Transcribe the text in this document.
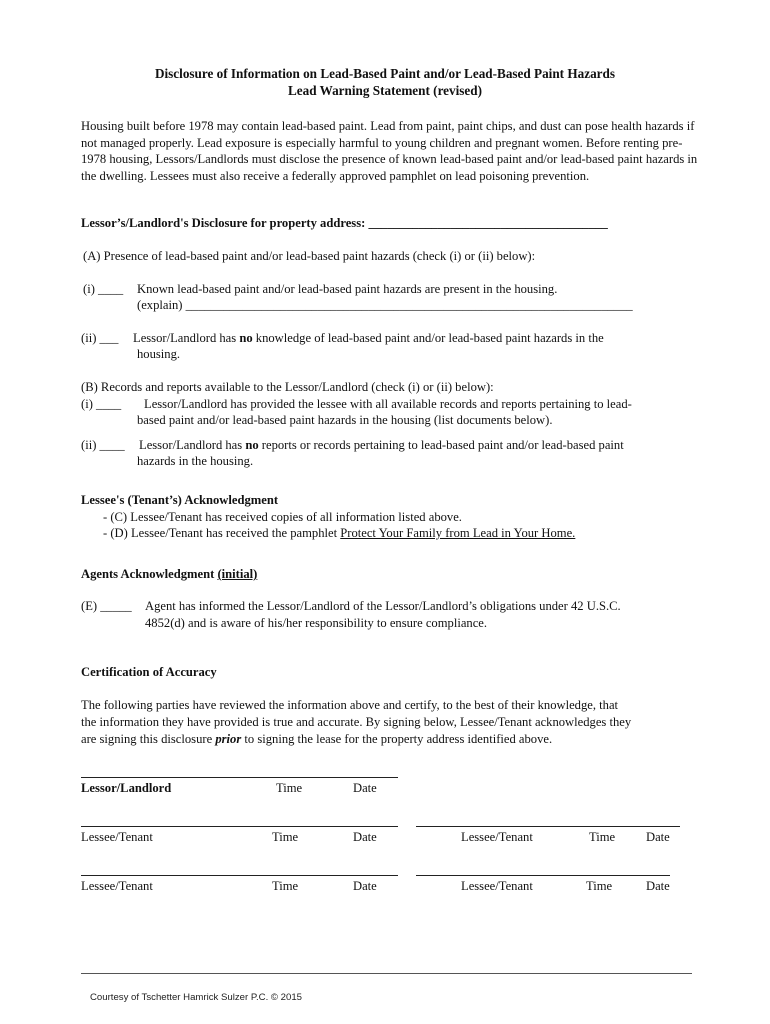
Disclosure of Information on Lead-Based Paint and/or Lead-Based Paint Hazards
Lead Warning Statement (revised)
Housing built before 1978 may contain lead-based paint. Lead from paint, paint chips, and dust can pose health hazards if not managed properly. Lead exposure is especially harmful to young children and pregnant women. Before renting pre-1978 housing, Lessors/Landlords must disclose the presence of known lead-based paint and/or lead-based paint hazards in the dwelling. Lessees must also receive a federally approved pamphlet on lead poisoning prevention.
Lessor’s/Landlord's Disclosure for property address: ______________________________________
(A) Presence of lead-based paint and/or lead-based paint hazards (check (i) or (ii) below):
(i) ____ Known lead-based paint and/or lead-based paint hazards are present in the housing.
(explain) _______________________________________________________________________
(ii) ___ Lessor/Landlord has no knowledge of lead-based paint and/or lead-based paint hazards in the
housing.
(B) Records and reports available to the Lessor/Landlord (check (i) or (ii) below):
(i) ____ Lessor/Landlord has provided the lessee with all available records and reports pertaining to lead-
based paint and/or lead-based paint hazards in the housing (list documents below).
(ii) ____ Lessor/Landlord has no reports or records pertaining to lead-based paint and/or lead-based paint
hazards in the housing.
Lessee's (Tenant’s) Acknowledgment
- (C) Lessee/Tenant has received copies of all information listed above.
- (D) Lessee/Tenant has received the pamphlet Protect Your Family from Lead in Your Home.
Agents Acknowledgment (initial)
(E) _____ Agent has informed the Lessor/Landlord of the Lessor/Landlord’s obligations under 42 U.S.C.
4852(d) and is aware of his/her responsibility to ensure compliance.
Certification of Accuracy
The following parties have reviewed the information above and certify, to the best of their knowledge, that
the information they have provided is true and accurate. By signing below, Lessee/Tenant acknowledges they
are signing this disclosure prior to signing the lease for the property address identified above.
Lessor/Landlord	Time	Date
Lessee/Tenant	Time	Date	Lessee/Tenant	Time Date
Lessee/Tenant	Time	Date	Lessee/Tenant	Time	Date
Courtesy of Tschetter Hamrick Sulzer P.C. © 2015
